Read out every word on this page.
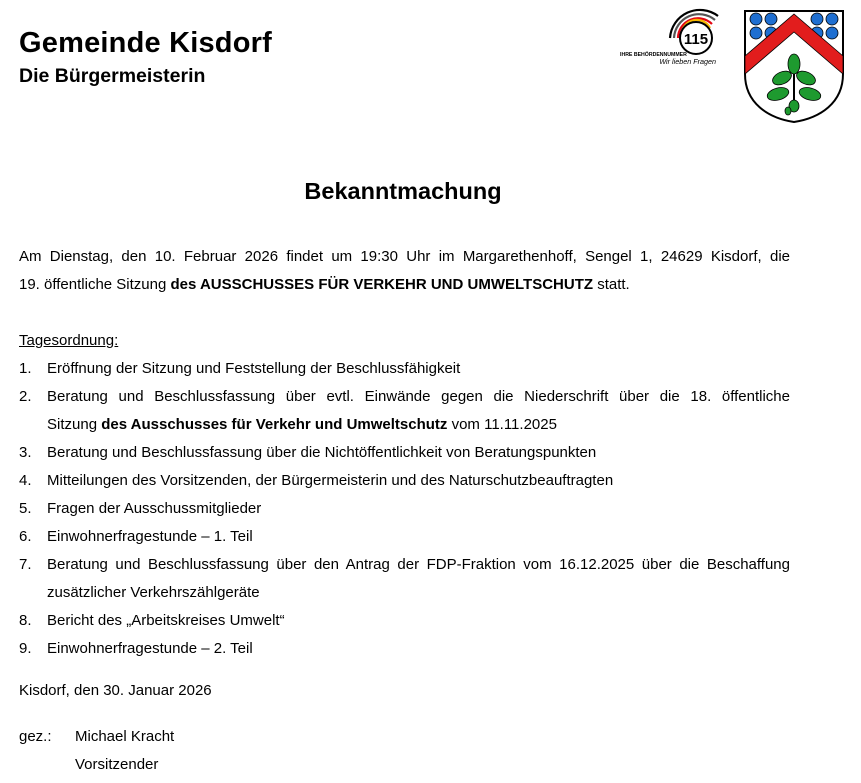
Gemeinde Kisdorf
Die Bürgermeisterin
115
IHRE BEHÖRDENNUMMER
Wir lieben Fragen
Bekanntmachung
Am Dienstag, den 10. Februar 2026 findet um 19:30 Uhr im Margarethenhoff, Sengel 1, 24629 Kisdorf, die
19. öffentliche Sitzung des AUSSCHUSSES FÜR VERKEHR UND UMWELTSCHUTZ statt.
Tagesordnung:
1. Eröffnung der Sitzung und Feststellung der Beschlussfähigkeit
2. Beratung und Beschlussfassung über evtl. Einwände gegen die Niederschrift über die 18. öffentliche
Sitzung des Ausschusses für Verkehr und Umweltschutz vom 11.11.2025
3. Beratung und Beschlussfassung über die Nichtöffentlichkeit von Beratungspunkten
4. Mitteilungen des Vorsitzenden, der Bürgermeisterin und des Naturschutzbeauftragten
5. Fragen der Ausschussmitglieder
6. Einwohnerfragestunde – 1. Teil
7. Beratung und Beschlussfassung über den Antrag der FDP-Fraktion vom 16.12.2025 über die Beschaffung
zusätzlicher Verkehrszählgeräte
8. Bericht des „Arbeitskreises Umwelt“
9. Einwohnerfragestunde – 2. Teil
Kisdorf, den 30. Januar 2026
gez.: Michael Kracht
Vorsitzender
